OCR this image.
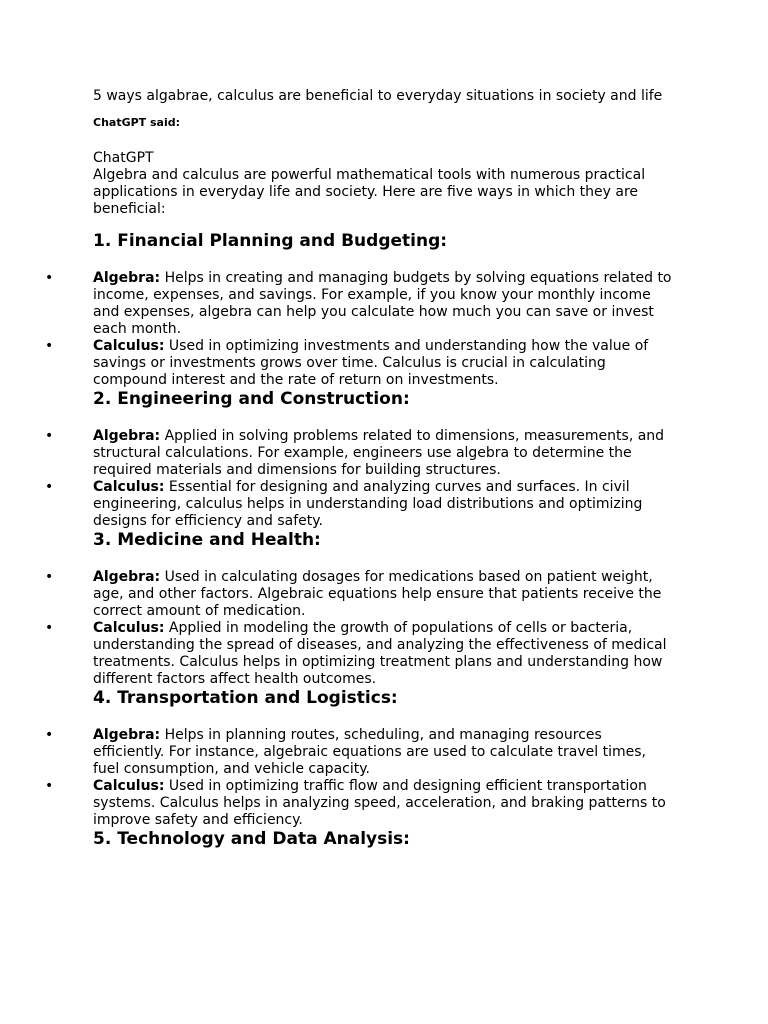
5 ways algabrae, calculus are beneficial to everyday situations in society and life

ChatGPT said:

ChatGPT

Algebra and calculus are powerful mathematical tools with numerous practical applications in everyday life and society. Here are five ways in which they are beneficial:

1. Financial Planning and Budgeting:
•	Algebra: Helps in creating and managing budgets by solving equations related to income, expenses, and savings. For example, if you know your monthly income and expenses, algebra can help you calculate how much you can save or invest each month.
•	Calculus: Used in optimizing investments and understanding how the value of savings or investments grows over time. Calculus is crucial in calculating compound interest and the rate of return on investments.
2. Engineering and Construction:
•	Algebra: Applied in solving problems related to dimensions, measurements, and structural calculations. For example, engineers use algebra to determine the required materials and dimensions for building structures.
•	Calculus: Essential for designing and analyzing curves and surfaces. In civil engineering, calculus helps in understanding load distributions and optimizing designs for efficiency and safety.
3. Medicine and Health:
•	Algebra: Used in calculating dosages for medications based on patient weight, age, and other factors. Algebraic equations help ensure that patients receive the correct amount of medication.
•	Calculus: Applied in modeling the growth of populations of cells or bacteria, understanding the spread of diseases, and analyzing the effectiveness of medical treatments. Calculus helps in optimizing treatment plans and understanding how different factors affect health outcomes.
4. Transportation and Logistics:
•	Algebra: Helps in planning routes, scheduling, and managing resources efficiently. For instance, algebraic equations are used to calculate travel times, fuel consumption, and vehicle capacity.
•	Calculus: Used in optimizing traffic flow and designing efficient transportation systems. Calculus helps in analyzing speed, acceleration, and braking patterns to improve safety and efficiency.
5. Technology and Data Analysis:
